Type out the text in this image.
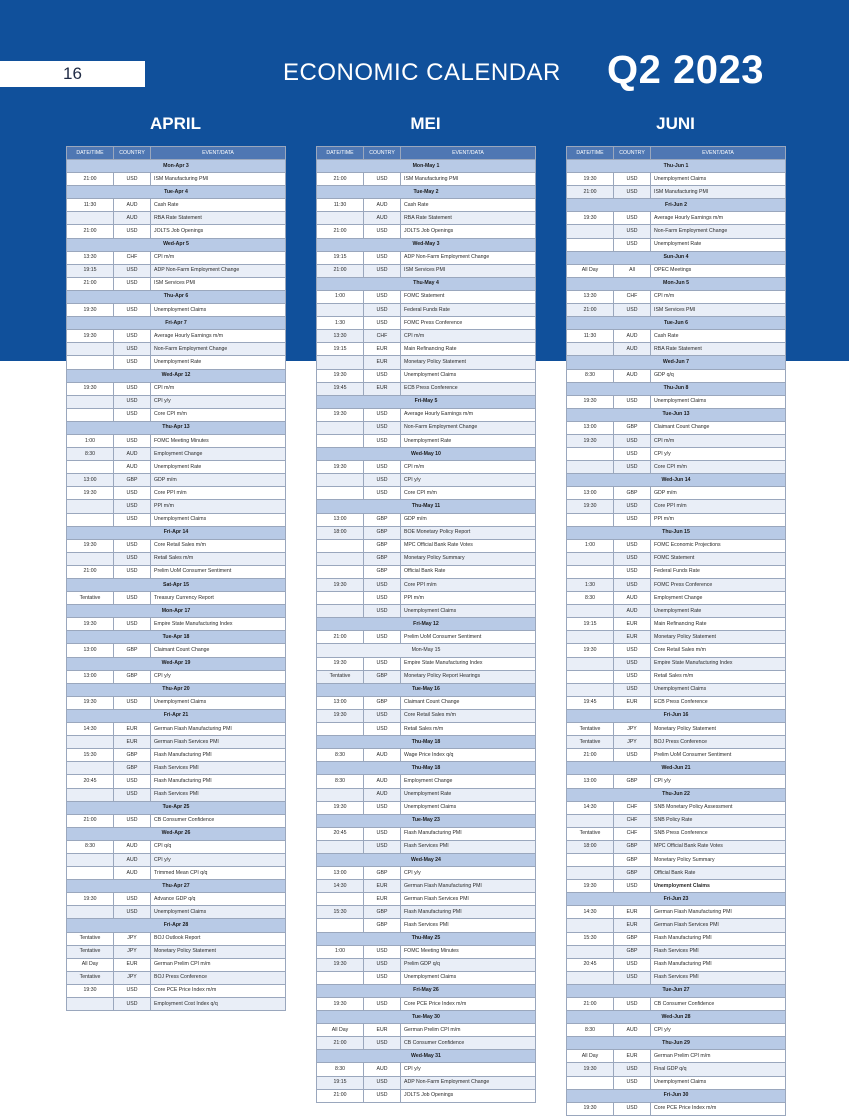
16	ECONOMIC CALENDAR Q2 2023
APRIL	MEI	JUNI
DATE/TIME	COUNTRY	EVENT/DATA
Mon-Apr 3		
21:00	USD	ISM Manufacturing PMI
Tue-Apr 4		
11:30	AUD	Cash Rate
	AUD	RBA Rate Statement
21:00	USD	JOLTS Job Openings
Wed-Apr 5		
13:30	CHF	CPI m/m
19:15	USD	ADP Non-Farm Employment Change
21:00	USD	ISM Services PMI
Thu-Apr 6		
19:30	USD	Unemployment Claims
Fri-Apr 7		
19:30	USD	Average Hourly Earnings m/m
	USD	Non-Farm Employment Change
	USD	Unemployment Rate
Wed-Apr 12		
19:30	USD	CPI m/m
	USD	CPI y/y
	USD	Core CPI m/m
Thu-Apr 13		
1:00	USD	FOMC Meeting Minutes
8:30	AUD	Employment Change
	AUD	Unemployment Rate
13:00	GBP	GDP m/m
19:30	USD	Core PPI m/m
	USD	PPI m/m
	USD	Unemployment Claims
Fri-Apr 14		
19:30	USD	Core Retail Sales m/m
	USD	Retail Sales m/m
21:00	USD	Prelim UoM Consumer Sentiment
Sat-Apr 15		
Tentative	USD	Treasury Currency Report
Mon-Apr 17		
19:30	USD	Empire State Manufacturing Index
Tue-Apr 18		
13:00	GBP	Claimant Count Change
Wed-Apr 19		
13:00	GBP	CPI y/y
Thu-Apr 20		
19:30	USD	Unemployment Claims
Fri-Apr 21		
14:30	EUR	German Flash Manufacturing PMI
	EUR	German Flash Services PMI
15:30	GBP	Flash Manufacturing PMI
	GBP	Flash Services PMI
20:45	USD	Flash Manufacturing PMI
	USD	Flash Services PMI
Tue-Apr 25		
21:00	USD	CB Consumer Confidence
Wed-Apr 26		
8:30	AUD	CPI q/q
	AUD	CPI y/y
	AUD	Trimmed Mean CPI q/q
Thu-Apr 27		
19:30	USD	Advance GDP q/q
	USD	Unemployment Claims
Fri-Apr 28		
Tentative	JPY	BOJ Outlook Report
Tentative	JPY	Monetary Policy Statement
All Day	EUR	German Prelim CPI m/m
Tentative	JPY	BOJ Press Conference
19:30	USD	Core PCE Price Index m/m
	USD	Employment Cost Index q/q
DATE/TIME	COUNTRY	EVENT/DATA
Mon-May 1		
21:00	USD	ISM Manufacturing PMI
Tue-May 2		
11:30	AUD	Cash Rate
	AUD	RBA Rate Statement
21:00	USD	JOLTS Job Openings
Wed-May 3		
19:15	USD	ADP Non-Farm Employment Change
21:00	USD	ISM Services PMI
Thu-May 4		
1:00	USD	FOMC Statement
	USD	Federal Funds Rate
1:30	USD	FOMC Press Conference
13:30	CHF	CPI m/m
19:15	EUR	Main Refinancing Rate
	EUR	Monetary Policy Statement
19:30	USD	Unemployment Claims
19:45	EUR	ECB Press Conference
Fri-May 5		
19:30	USD	Average Hourly Earnings m/m
	USD	Non-Farm Employment Change
	USD	Unemployment Rate
Wed-May 10		
19:30	USD	CPI m/m
	USD	CPI y/y
	USD	Core CPI m/m
Thu-May 11		
13:00	GBP	GDP m/m
18:00	GBP	BOE Monetary Policy Report
	GBP	MPC Official Bank Rate Votes
	GBP	Monetary Policy Summary
	GBP	Official Bank Rate
19:30	USD	Core PPI m/m
	USD	PPI m/m
	USD	Unemployment Claims
Fri-May 12		
21:00	USD	Prelim UoM Consumer Sentiment
Mon-May 15		
19:30	USD	Empire State Manufacturing Index
Tentative	GBP	Monetary Policy Report Hearings
Tue-May 16		
13:00	GBP	Claimant Count Change
19:30	USD	Core Retail Sales m/m
	USD	Retail Sales m/m
Thu-May 18		
8:30	AUD	Wage Price Index q/q
Thu-May 18		
8:30	AUD	Employment Change
	AUD	Unemployment Rate
19:30	USD	Unemployment Claims
Tue-May 23		
20:45	USD	Flash Manufacturing PMI
	USD	Flash Services PMI
Wed-May 24		
13:00	GBP	CPI y/y
14:30	EUR	German Flash Manufacturing PMI
	EUR	German Flash Services PMI
15:30	GBP	Flash Manufacturing PMI
	GBP	Flash Services PMI
Thu-May 25		
1:00	USD	FOMC Meeting Minutes
19:30	USD	Prelim GDP q/q
	USD	Unemployment Claims
Fri-May 26		
19:30	USD	Core PCE Price Index m/m
Tue-May 30		
All Day	EUR	German Prelim CPI m/m
21:00	USD	CB Consumer Confidence
Wed-May 31		
8:30	AUD	CPI y/y
19:15	USD	ADP Non-Farm Employment Change
21:00	USD	JOLTS Job Openings
DATE/TIME	COUNTRY	EVENT/DATA
Thu-Jun 1		
19:30	USD	Unemployment Claims
21:00	USD	ISM Manufacturing PMI
Fri-Jun 2		
19:30	USD	Average Hourly Earnings m/m
	USD	Non-Farm Employment Change
	USD	Unemployment Rate
Sun-Jun 4		
All Day	All	OPEC Meetings
Mon-Jun 5		
13:30	CHF	CPI m/m
21:00	USD	ISM Services PMI
Tue-Jun 6		
11:30	AUD	Cash Rate
	AUD	RBA Rate Statement
Wed-Jun 7		
8:30	AUD	GDP q/q
Thu-Jun 8		
19:30	USD	Unemployment Claims
Tue-Jun 13		
13:00	GBP	Claimant Count Change
19:30	USD	CPI m/m
	USD	CPI y/y
	USD	Core CPI m/m
Wed-Jun 14		
13:00	GBP	GDP m/m
19:30	USD	Core PPI m/m
	USD	PPI m/m
Thu-Jun 15		
1:00	USD	FOMC Economic Projections
	USD	FOMC Statement
	USD	Federal Funds Rate
1:30	USD	FOMC Press Conference
8:30	AUD	Employment Change
	AUD	Unemployment Rate
19:15	EUR	Main Refinancing Rate
	EUR	Monetary Policy Statement
19:30	USD	Core Retail Sales m/m
	USD	Empire State Manufacturing Index
	USD	Retail Sales m/m
	USD	Unemployment Claims
19:45	EUR	ECB Press Conference
Fri-Jun 16		
Tentative	JPY	Monetary Policy Statement
Tentative	JPY	BOJ Press Conference
21:00	USD	Prelim UoM Consumer Sentiment
Wed-Jun 21		
13:00	GBP	CPI y/y
Thu-Jun 22		
14:30	CHF	SNB Monetary Policy Assessment
	CHF	SNB Policy Rate
Tentative	CHF	SNB Press Conference
18:00	GBP	MPC Official Bank Rate Votes
	GBP	Monetary Policy Summary
	GBP	Official Bank Rate
19:30	USD	Unemployment Claims
Fri-Jun 23		
14:30	EUR	German Flash Manufacturing PMI
	EUR	German Flash Services PMI
15:30	GBP	Flash Manufacturing PMI
	GBP	Flash Services PMI
20:45	USD	Flash Manufacturing PMI
	USD	Flash Services PMI
Tue-Jun 27		
21:00	USD	CB Consumer Confidence
Wed-Jun 28		
8:30	AUD	CPI y/y
Thu-Jun 29		
All Day	EUR	German Prelim CPI m/m
19:30	USD	Final GDP q/q
	USD	Unemployment Claims
Fri-Jun 30		
19:30	USD	Core PCE Price Index m/m
